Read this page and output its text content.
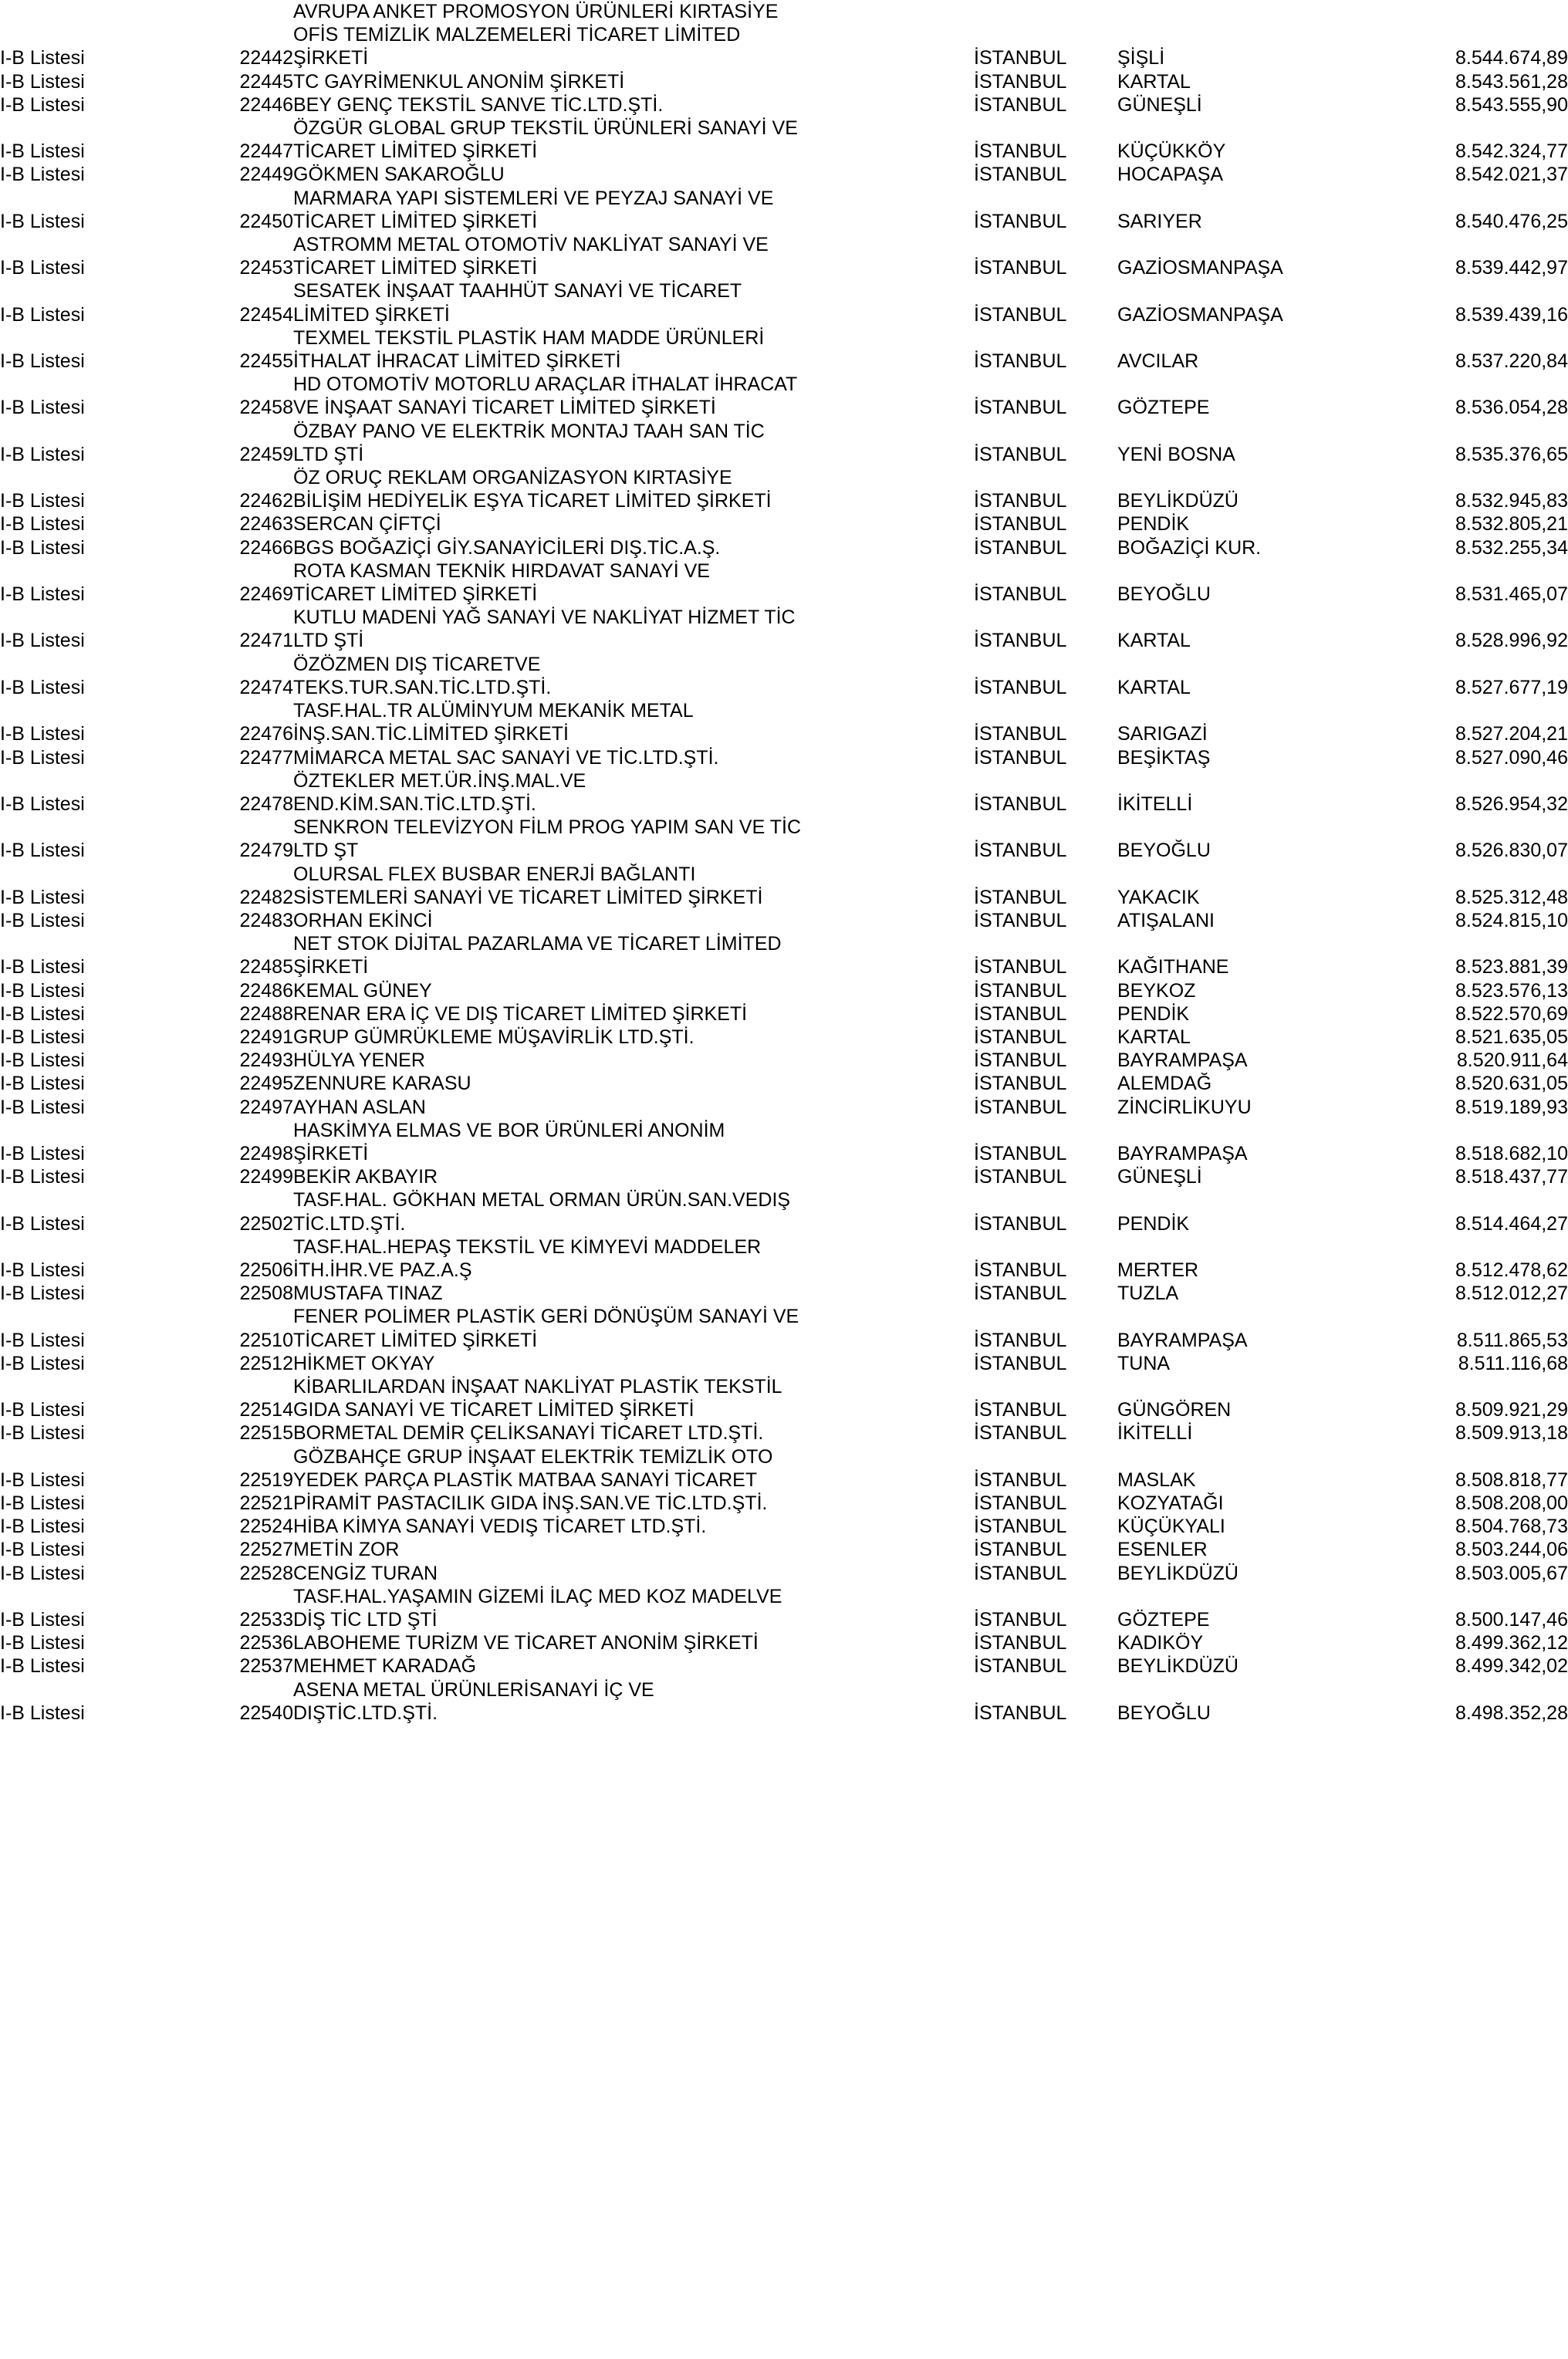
		AVRUPA ANKET PROMOSYON ÜRÜNLERİ KIRTASİYE			
		OFİS TEMİZLİK MALZEMELERİ TİCARET LİMİTED			
I-B Listesi	22442	ŞİRKETİ	İSTANBUL	ŞİŞLİ	8.544.674,89
I-B Listesi	22445	TC GAYRİMENKUL ANONİM ŞİRKETİ	İSTANBUL	KARTAL	8.543.561,28
I-B Listesi	22446	BEY GENÇ TEKSTİL SANVE TİC.LTD.ŞTİ.	İSTANBUL	GÜNEŞLİ	8.543.555,90
		ÖZGÜR GLOBAL GRUP TEKSTİL ÜRÜNLERİ SANAYİ VE			
I-B Listesi	22447	TİCARET LİMİTED ŞİRKETİ	İSTANBUL	KÜÇÜKKÖY	8.542.324,77
I-B Listesi	22449	GÖKMEN SAKAROĞLU	İSTANBUL	HOCAPAŞA	8.542.021,37
		MARMARA YAPI SİSTEMLERİ VE PEYZAJ SANAYİ VE			
I-B Listesi	22450	TİCARET LİMİTED ŞİRKETİ	İSTANBUL	SARIYER	8.540.476,25
		ASTROMM METAL OTOMOTİV NAKLİYAT SANAYİ VE			
I-B Listesi	22453	TİCARET LİMİTED ŞİRKETİ	İSTANBUL	GAZİOSMANPAŞA	8.539.442,97
		SESATEK İNŞAAT TAAHHÜT SANAYİ VE TİCARET			
I-B Listesi	22454	LİMİTED ŞİRKETİ	İSTANBUL	GAZİOSMANPAŞA	8.539.439,16
		TEXMEL TEKSTİL PLASTİK HAM MADDE ÜRÜNLERİ			
I-B Listesi	22455	İTHALAT İHRACAT LİMİTED ŞİRKETİ	İSTANBUL	AVCILAR	8.537.220,84

		HD OTOMOTİV MOTORLU ARAÇLAR İTHALAT İHRACAT			
I-B Listesi	22458	VE İNŞAAT SANAYİ TİCARET LİMİTED ŞİRKETİ	İSTANBUL	GÖZTEPE	8.536.054,28
		ÖZBAY PANO VE ELEKTRİK MONTAJ TAAH SAN TİC			
I-B Listesi	22459	LTD ŞTİ	İSTANBUL	YENİ BOSNA	8.535.376,65
		ÖZ ORUÇ REKLAM ORGANİZASYON KIRTASİYE			
I-B Listesi	22462	BİLİŞİM HEDİYELİK EŞYA TİCARET LİMİTED ŞİRKETİ	İSTANBUL	BEYLİKDÜZÜ	8.532.945,83
I-B Listesi	22463	SERCAN ÇİFTÇİ	İSTANBUL	PENDİK	8.532.805,21
I-B Listesi	22466	BGS BOĞAZİÇİ GİY.SANAYİCİLERİ DIŞ.TİC.A.Ş.	İSTANBUL	BOĞAZİÇİ KUR.	8.532.255,34
		ROTA KASMAN TEKNİK HIRDAVAT SANAYİ VE			
I-B Listesi	22469	TİCARET LİMİTED ŞİRKETİ	İSTANBUL	BEYOĞLU	8.531.465,07
		KUTLU MADENİ YAĞ SANAYİ VE NAKLİYAT HİZMET TİC			
I-B Listesi	22471	LTD ŞTİ	İSTANBUL	KARTAL	8.528.996,92
		ÖZÖZMEN DIŞ TİCARETVE			
I-B Listesi	22474	TEKS.TUR.SAN.TİC.LTD.ŞTİ.	İSTANBUL	KARTAL	8.527.677,19
		TASF.HAL.TR ALÜMİNYUM MEKANİK METAL			
I-B Listesi	22476	İNŞ.SAN.TİC.LİMİTED ŞİRKETİ	İSTANBUL	SARIGAZİ	8.527.204,21
I-B Listesi	22477	MİMARCA METAL SAC SANAYİ VE TİC.LTD.ŞTİ.	İSTANBUL	BEŞİKTAŞ	8.527.090,46
		ÖZTEKLER MET.ÜR.İNŞ.MAL.VE			
I-B Listesi	22478	END.KİM.SAN.TİC.LTD.ŞTİ.	İSTANBUL	İKİTELLİ	8.526.954,32
		SENKRON TELEVİZYON FİLM PROG YAPIM SAN VE TİC			
I-B Listesi	22479	LTD ŞT	İSTANBUL	BEYOĞLU	8.526.830,07
		OLURSAL FLEX BUSBAR ENERJİ BAĞLANTI			
I-B Listesi	22482	SİSTEMLERİ SANAYİ VE TİCARET LİMİTED ŞİRKETİ	İSTANBUL	YAKACIK	8.525.312,48
I-B Listesi	22483	ORHAN EKİNCİ	İSTANBUL	ATIŞALANI	8.524.815,10
		NET STOK DİJİTAL PAZARLAMA VE TİCARET LİMİTED			
I-B Listesi	22485	ŞİRKETİ	İSTANBUL	KAĞITHANE	8.523.881,39
I-B Listesi	22486	KEMAL GÜNEY	İSTANBUL	BEYKOZ	8.523.576,13
I-B Listesi	22488	RENAR ERA İÇ VE DIŞ TİCARET LİMİTED ŞİRKETİ	İSTANBUL	PENDİK	8.522.570,69
I-B Listesi	22491	GRUP GÜMRÜKLEME MÜŞAVİRLİK LTD.ŞTİ.	İSTANBUL	KARTAL	8.521.635,05
I-B Listesi	22493	HÜLYA YENER	İSTANBUL	BAYRAMPAŞA	8.520.911,64
I-B Listesi	22495	ZENNURE KARASU	İSTANBUL	ALEMDAĞ	8.520.631,05
I-B Listesi	22497	AYHAN ASLAN	İSTANBUL	ZİNCİRLİKUYU	8.519.189,93
		HASKİMYA ELMAS VE BOR ÜRÜNLERİ ANONİM			
I-B Listesi	22498	ŞİRKETİ	İSTANBUL	BAYRAMPAŞA	8.518.682,10
I-B Listesi	22499	BEKİR AKBAYIR	İSTANBUL	GÜNEŞLİ	8.518.437,77
		TASF.HAL. GÖKHAN METAL ORMAN ÜRÜN.SAN.VEDIŞ			
I-B Listesi	22502	TİC.LTD.ŞTİ.	İSTANBUL	PENDİK	8.514.464,27
		TASF.HAL.HEPAŞ TEKSTİL VE KİMYEVİ MADDELER			
I-B Listesi	22506	İTH.İHR.VE PAZ.A.Ş	İSTANBUL	MERTER	8.512.478,62
I-B Listesi	22508	MUSTAFA TINAZ	İSTANBUL	TUZLA	8.512.012,27
		FENER POLİMER PLASTİK GERİ DÖNÜŞÜM SANAYİ VE			
I-B Listesi	22510	TİCARET LİMİTED ŞİRKETİ	İSTANBUL	BAYRAMPAŞA	8.511.865,53
I-B Listesi	22512	HİKMET OKYAY	İSTANBUL	TUNA	8.511.116,68
		KİBARLILARDAN İNŞAAT NAKLİYAT PLASTİK TEKSTİL			
I-B Listesi	22514	GIDA SANAYİ VE TİCARET LİMİTED ŞİRKETİ	İSTANBUL	GÜNGÖREN	8.509.921,29
I-B Listesi	22515	BORMETAL DEMİR ÇELİKSANAYİ TİCARET LTD.ŞTİ.	İSTANBUL	İKİTELLİ	8.509.913,18
		GÖZBAHÇE GRUP İNŞAAT ELEKTRİK TEMİZLİK OTO			
I-B Listesi	22519	YEDEK PARÇA PLASTİK MATBAA SANAYİ TİCARET	İSTANBUL	MASLAK	8.508.818,77
I-B Listesi	22521	PİRAMİT PASTACILIK GIDA İNŞ.SAN.VE TİC.LTD.ŞTİ.	İSTANBUL	KOZYATAĞI	8.508.208,00
I-B Listesi	22524	HİBA KİMYA SANAYİ VEDIŞ TİCARET LTD.ŞTİ.	İSTANBUL	KÜÇÜKYALI	8.504.768,73
I-B Listesi	22527	METİN ZOR	İSTANBUL	ESENLER	8.503.244,06
I-B Listesi	22528	CENGİZ TURAN	İSTANBUL	BEYLİKDÜZÜ	8.503.005,67
		TASF.HAL.YAŞAMIN GİZEMİ İLAÇ MED KOZ MADELVE			
I-B Listesi	22533	DİŞ TİC LTD ŞTİ	İSTANBUL	GÖZTEPE	8.500.147,46
I-B Listesi	22536	LABOHEME TURİZM VE TİCARET ANONİM ŞİRKETİ	İSTANBUL	KADIKÖY	8.499.362,12
I-B Listesi	22537	MEHMET KARADAĞ	İSTANBUL	BEYLİKDÜZÜ	8.499.342,02
		ASENA METAL ÜRÜNLERİSANAYİ İÇ VE			
I-B Listesi	22540	DIŞTİC.LTD.ŞTİ.	İSTANBUL	BEYOĞLU	8.498.352,28
